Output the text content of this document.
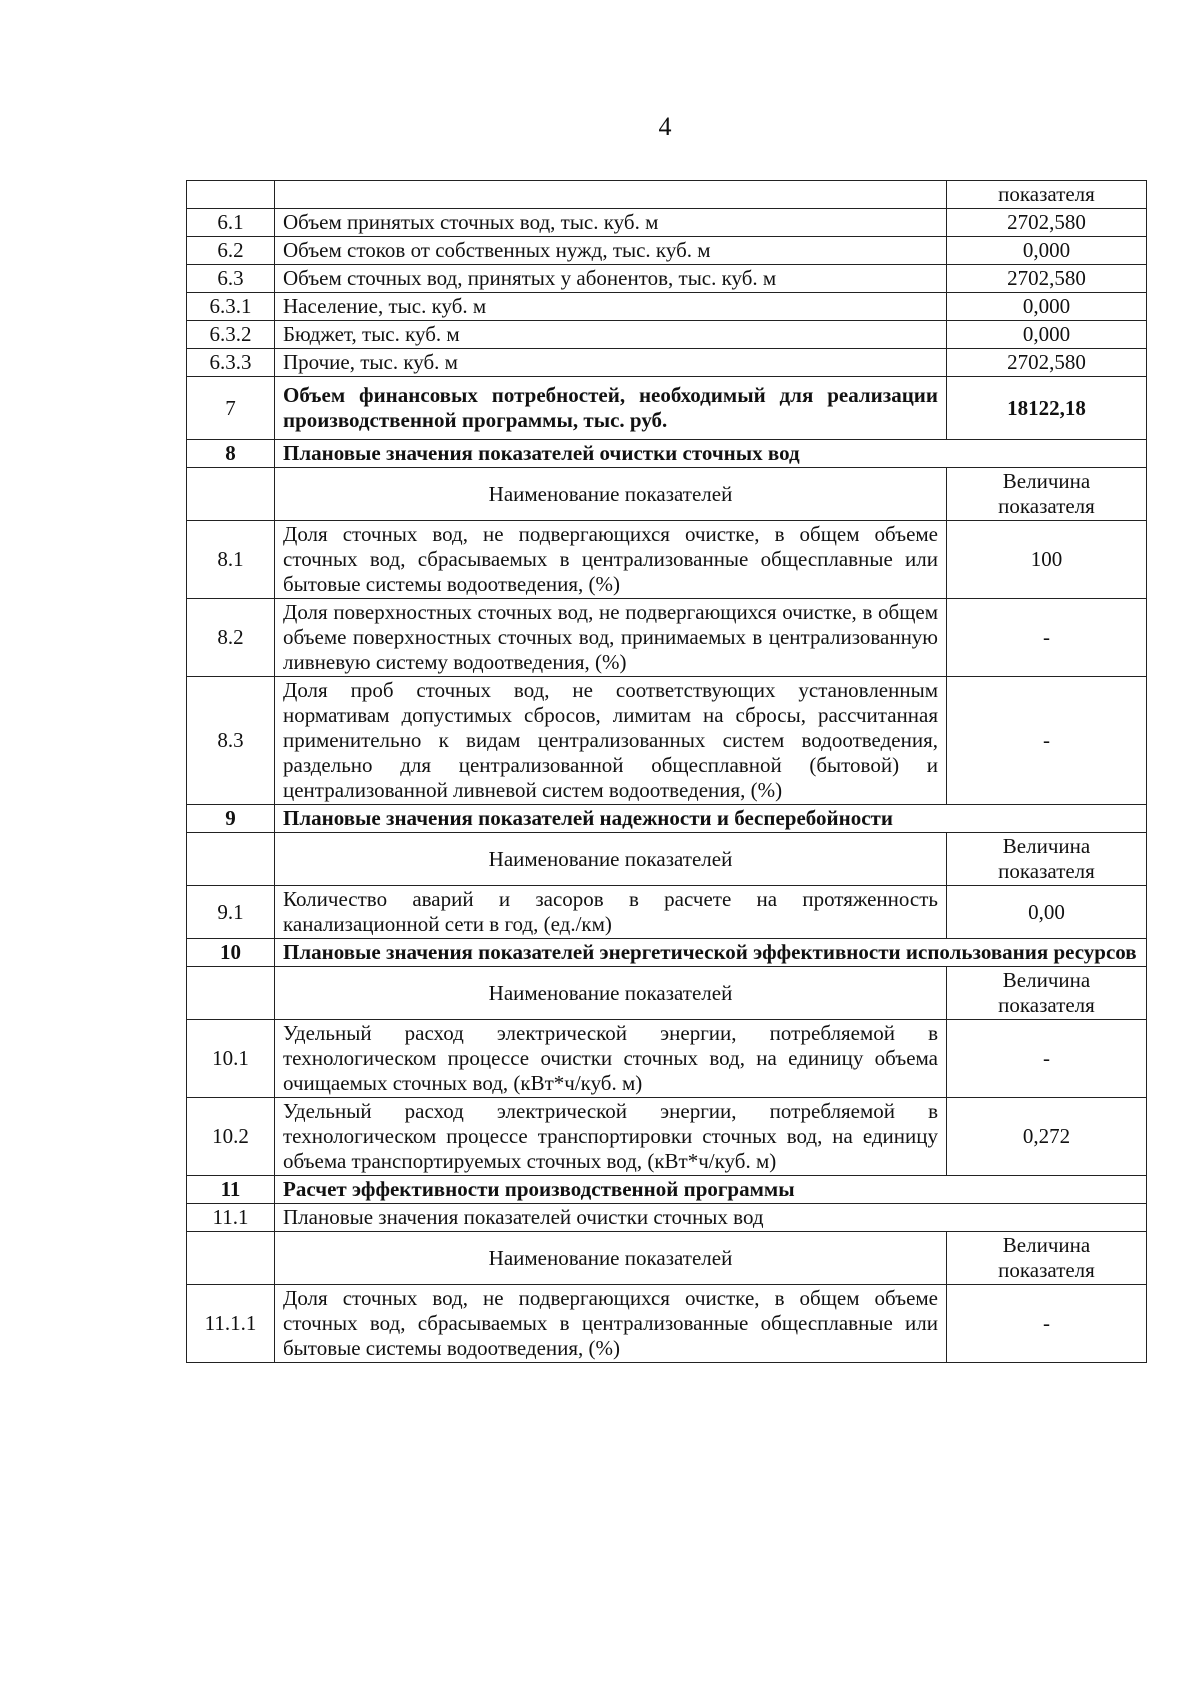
4
		показателя
6.1	Объем принятых сточных вод, тыс. куб. м	2702,580
6.2	Объем стоков от собственных нужд, тыс. куб. м	0,000
6.3	Объем сточных вод, принятых у абонентов, тыс. куб. м	2702,580
6.3.1	Население, тыс. куб. м	0,000
6.3.2	Бюджет, тыс. куб. м	0,000
6.3.3	Прочие, тыс. куб. м	2702,580
7	Объем финансовых потребностей, необходимый для реализации производственной программы, тыс. руб.	18122,18
8	Плановые значения показателей очистки сточных вод	
	Наименование показателей	Величина показателя
8.1	Доля сточных вод, не подвергающихся очистке, в общем объеме сточных вод, сбрасываемых в централизованные общесплавные или бытовые системы водоотведения, (%)	100
8.2	Доля поверхностных сточных вод, не подвергающихся очистке, в общем объеме поверхностных сточных вод, принимаемых в централизованную ливневую систему водоотведения, (%)	-
8.3	Доля проб сточных вод, не соответствующих установленным нормативам допустимых сбросов, лимитам на сбросы, рассчитанная применительно к видам централизованных систем водоотведения, раздельно для централизованной общесплавной (бытовой) и централизованной ливневой систем водоотведения, (%)	-
9	Плановые значения показателей надежности и бесперебойности	
	Наименование показателей	Величина показателя
9.1	Количество аварий и засоров в расчете на протяженность канализационной сети в год, (ед./км)	0,00
10	Плановые значения показателей энергетической эффективности использования ресурсов	
	Наименование показателей	Величина показателя
10.1	Удельный расход электрической энергии, потребляемой в технологическом процессе очистки сточных вод, на единицу объема очищаемых сточных вод, (кВт*ч/куб. м)	-
10.2	Удельный расход электрической энергии, потребляемой в технологическом процессе транспортировки сточных вод, на единицу объема транспортируемых сточных вод, (кВт*ч/куб. м)	0,272
11	Расчет эффективности производственной программы	
11.1	Плановые значения показателей очистки сточных вод	
	Наименование показателей	Величина показателя
11.1.1	Доля сточных вод, не подвергающихся очистке, в общем объеме сточных вод, сбрасываемых в централизованные общесплавные или бытовые системы водоотведения, (%)	-
